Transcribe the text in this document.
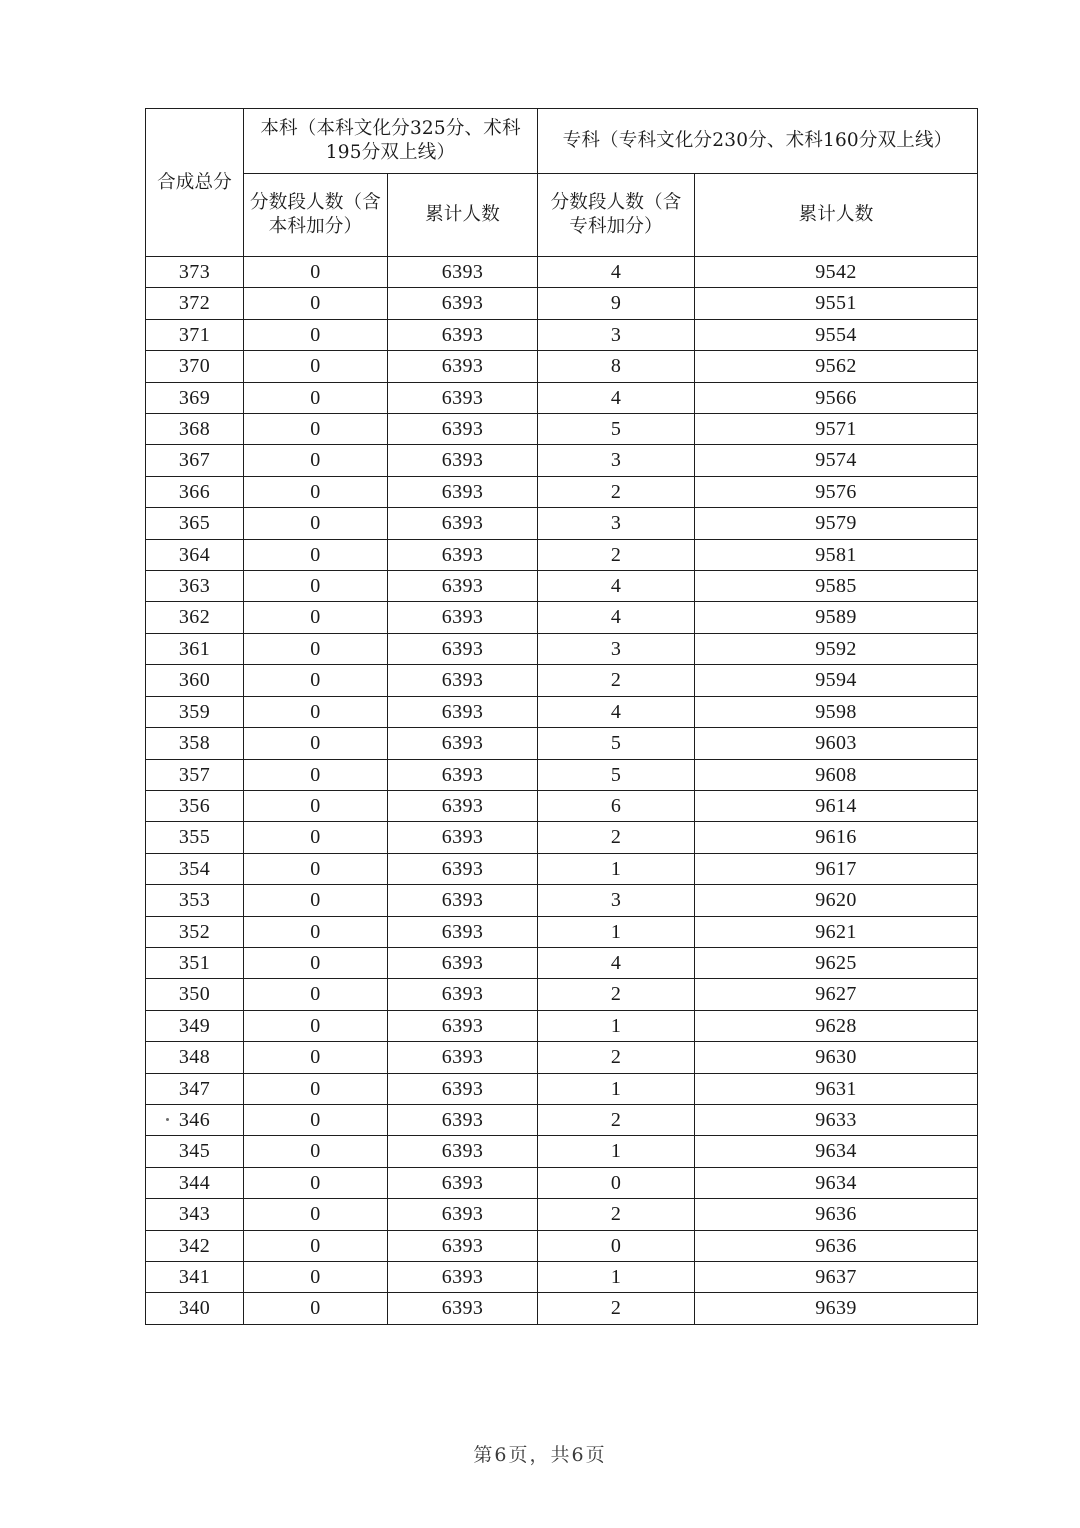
合成总分	本科（本科文化分325分、术科195分双上线）		专科（专科文化分230分、术科160分双上线）	
	分数段人数（含本科加分）	累计人数	分数段人数（含专科加分）	累计人数
373	0	6393	4	9542
372	0	6393	9	9551
371	0	6393	3	9554
370	0	6393	8	9562
369	0	6393	4	9566
368	0	6393	5	9571
367	0	6393	3	9574
366	0	6393	2	9576
365	0	6393	3	9579
364	0	6393	2	9581
363	0	6393	4	9585
362	0	6393	4	9589
361	0	6393	3	9592
360	0	6393	2	9594
359	0	6393	4	9598
358	0	6393	5	9603
357	0	6393	5	9608
356	0	6393	6	9614
355	0	6393	2	9616
354	0	6393	1	9617
353	0	6393	3	9620
352	0	6393	1	9621
351	0	6393	4	9625
350	0	6393	2	9627
349	0	6393	1	9628
348	0	6393	2	9630
347	0	6393	1	9631
346	0	6393	2	9633
345	0	6393	1	9634
344	0	6393	0	9634
343	0	6393	2	9636
342	0	6393	0	9636
341	0	6393	1	9637
340	0	6393	2	9639
第6页，共6页
